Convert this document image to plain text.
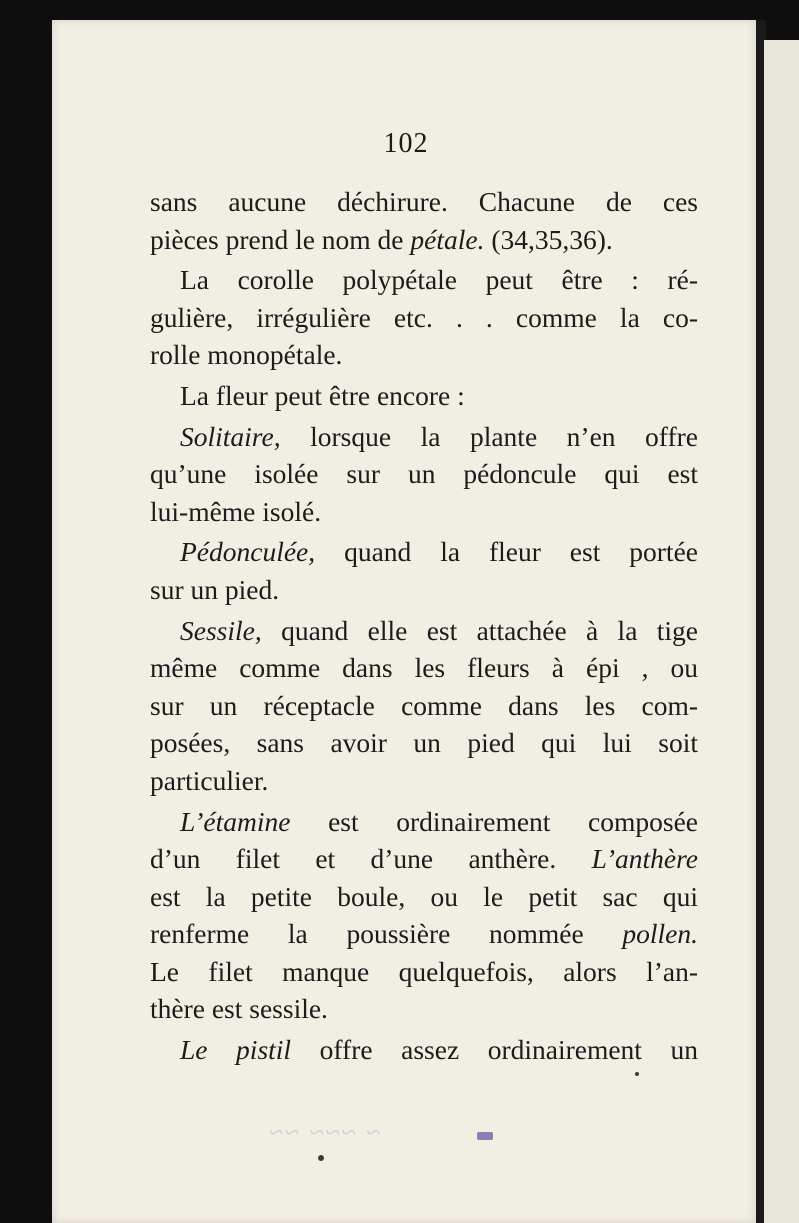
102
sans aucune déchirure. Chacune de ces
pièces prend le nom de pétale. (34,35,36).
La corolle polypétale peut être : ré-
gulière, irrégulière etc. . . comme la co-
rolle monopétale.
La fleur peut être encore :
Solitaire, lorsque la plante n’en offre
qu’une isolée sur un pédoncule qui est
lui-même isolé.
Pédonculée, quand la fleur est portée
sur un pied.
Sessile, quand elle est attachée à la tige
même comme dans les fleurs à épi , ou
sur un réceptacle comme dans les com-
posées, sans avoir un pied qui lui soit
particulier.
L’étamine est ordinairement composée
d’un filet et d’une anthère. L’anthère
est la petite boule, ou le petit sac qui
renferme la poussière nommée pollen.
Le filet manque quelquefois, alors l’an-
thère est sessile.
Le pistil offre assez ordinairement un
~ ~~~ ~~
